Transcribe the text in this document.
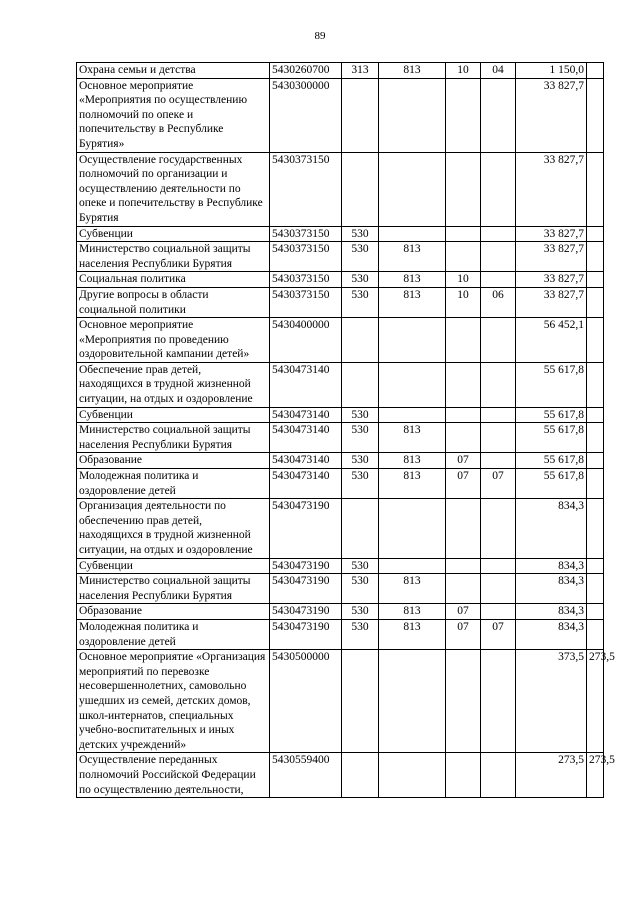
89
Охрана семьи и детства	5430260700	313	813	10	04	1 150,0	
Основное мероприятие «Мероприятия по осуществлению полномочий по опеке и попечительству в Республике Бурятия»	5430300000					33 827,7	
Осуществление государственных полномочий по организации и осуществлению деятельности по опеке и попечительству в Республике Бурятия	5430373150					33 827,7	
Субвенции	5430373150	530				33 827,7	
Министерство социальной защиты населения Республики Бурятия	5430373150	530	813			33 827,7	
Социальная политика	5430373150	530	813	10		33 827,7	
Другие вопросы в области социальной политики	5430373150	530	813	10	06	33 827,7	
Основное мероприятие «Мероприятия по проведению оздоровительной кампании детей»	5430400000					56 452,1	
Обеспечение прав детей, находящихся в трудной жизненной ситуации, на отдых и оздоровление	5430473140					55 617,8	
Субвенции	5430473140	530				55 617,8	
Министерство социальной защиты населения Республики Бурятия	5430473140	530	813			55 617,8	
Образование	5430473140	530	813	07		55 617,8	
Молодежная политика и оздоровление детей	5430473140	530	813	07	07	55 617,8	
Организация деятельности по обеспечению прав детей, находящихся в трудной жизненной ситуации, на отдых и оздоровление	5430473190					834,3	
Субвенции	5430473190	530				834,3	
Министерство социальной защиты населения Республики Бурятия	5430473190	530	813			834,3	
Образование	5430473190	530	813	07		834,3	
Молодежная политика и оздоровление детей	5430473190	530	813	07	07	834,3	
Основное мероприятие «Организация мероприятий по перевозке несовершеннолетних, самовольно ушедших из семей, детских домов, школ-интернатов, специальных учебно-воспитательных и иных детских учреждений»	5430500000					373,5	273,5
Осуществление переданных полномочий Российской Федерации по осуществлению деятельности,	5430559400					273,5	273,5
